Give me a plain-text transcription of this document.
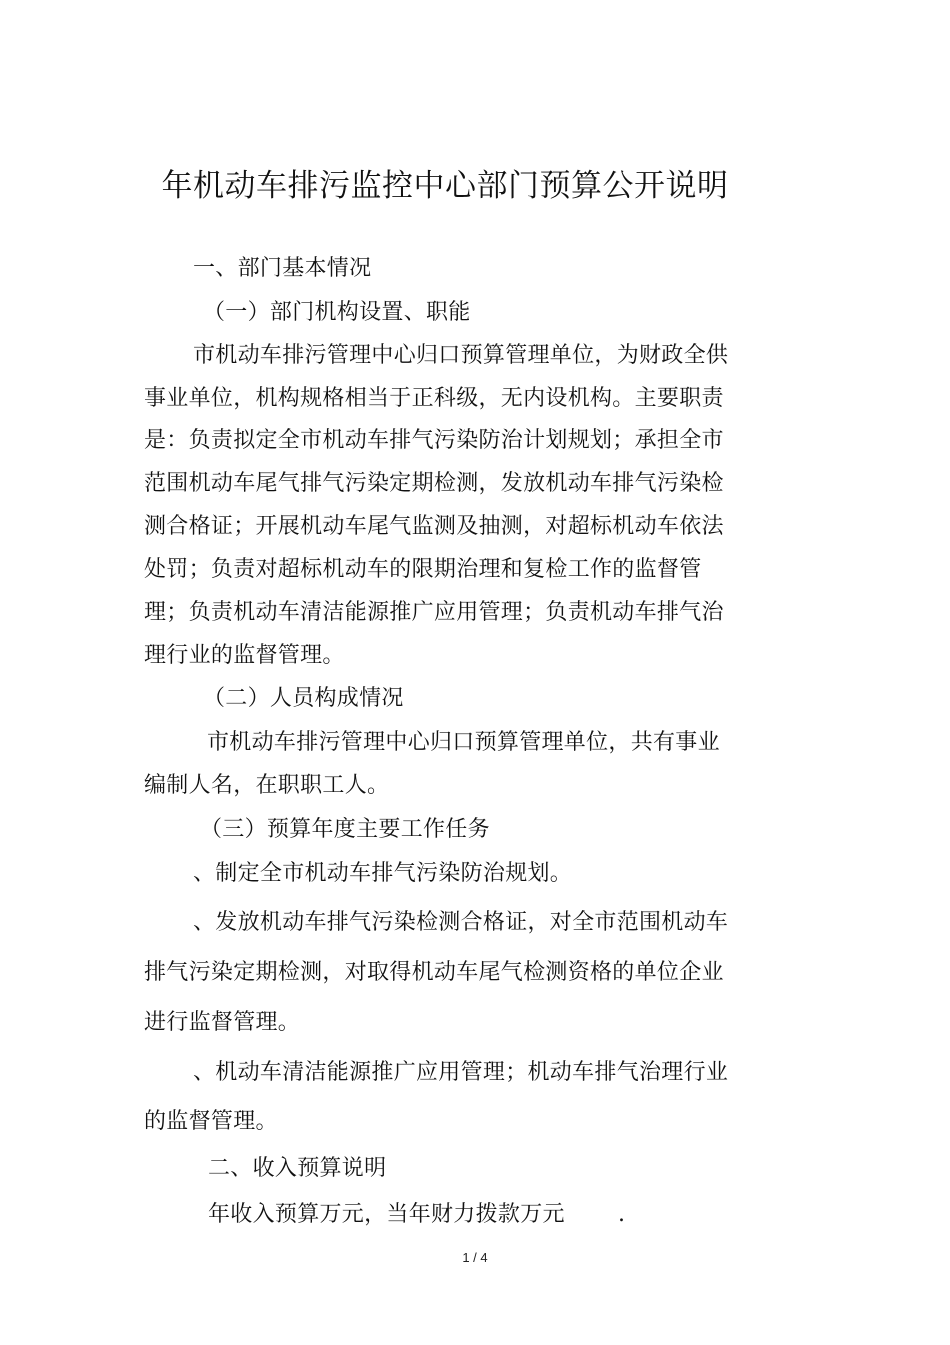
年机动车排污监控中心部门预算公开说明
一、部门基本情况
（一）部门机构设置、职能
市机动车排污管理中心归口预算管理单位，为财政全供
事业单位，机构规格相当于正科级，无内设机构。主要职责
是：负责拟定全市机动车排气污染防治计划规划；承担全市
范围机动车尾气排气污染定期检测，发放机动车排气污染检
测合格证；开展机动车尾气监测及抽测，对超标机动车依法
处罚；负责对超标机动车的限期治理和复检工作的监督管
理；负责机动车清洁能源推广应用管理；负责机动车排气治
理行业的监督管理。
（二）人员构成情况
市机动车排污管理中心归口预算管理单位，共有事业
编制人名，在职职工人。
（三）预算年度主要工作任务
、制定全市机动车排气污染防治规划。
、发放机动车排气污染检测合格证，对全市范围机动车
排气污染定期检测，对取得机动车尾气检测资格的单位企业
进行监督管理。
、机动车清洁能源推广应用管理；机动车排气治理行业
的监督管理。
二、收入预算说明
年收入预算万元，当年财力拨款万元 .
1 / 4
